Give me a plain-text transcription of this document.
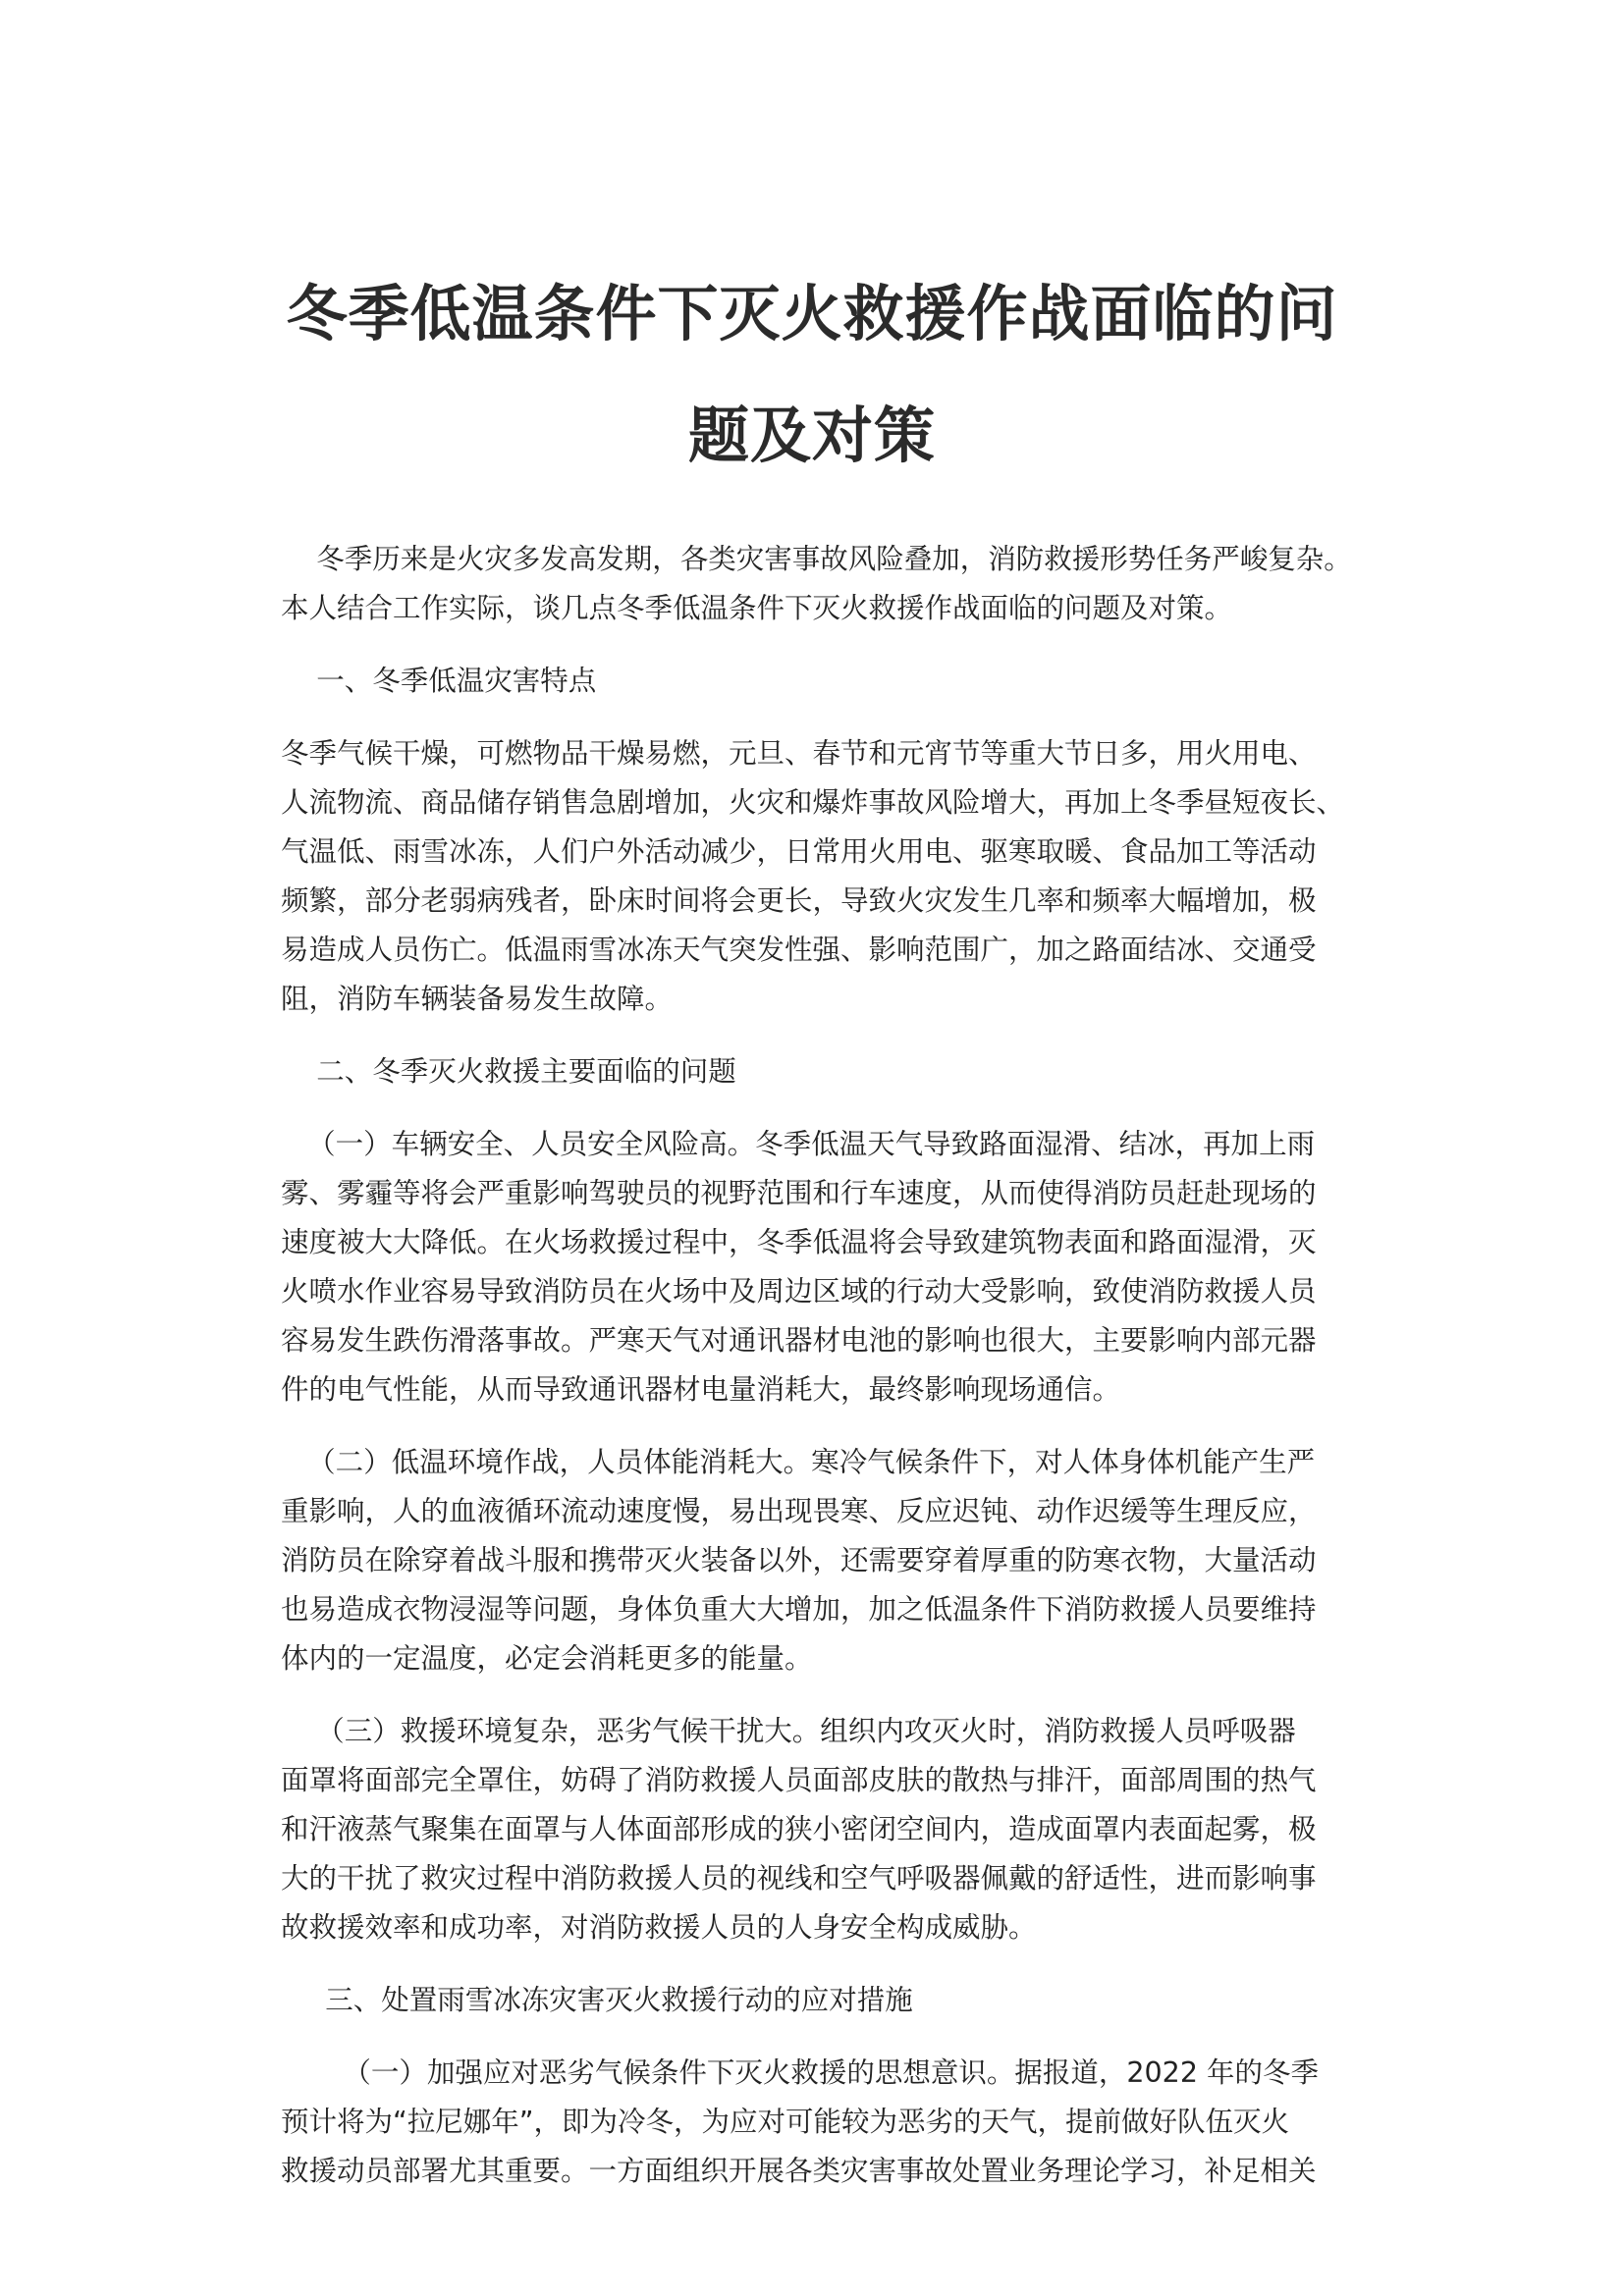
冬季低温条件下灭火救援作战面临的问
题及对策

冬季历来是火灾多发高发期，各类灾害事故风险叠加，消防救援形势任务严峻复杂。
本人结合工作实际，谈几点冬季低温条件下灭火救援作战面临的问题及对策。

一、冬季低温灾害特点

冬季气候干燥，可燃物品干燥易燃，元旦、春节和元宵节等重大节日多，用火用电、
人流物流、商品储存销售急剧增加，火灾和爆炸事故风险增大，再加上冬季昼短夜长、
气温低、雨雪冰冻，人们户外活动减少，日常用火用电、驱寒取暖、食品加工等活动
频繁，部分老弱病残者，卧床时间将会更长，导致火灾发生几率和频率大幅增加，极
易造成人员伤亡。低温雨雪冰冻天气突发性强、影响范围广，加之路面结冰、交通受
阻，消防车辆装备易发生故障。

二、冬季灭火救援主要面临的问题

（一）车辆安全、人员安全风险高。冬季低温天气导致路面湿滑、结冰，再加上雨
雾、雾霾等将会严重影响驾驶员的视野范围和行车速度，从而使得消防员赶赴现场的
速度被大大降低。在火场救援过程中，冬季低温将会导致建筑物表面和路面湿滑，灭
火喷水作业容易导致消防员在火场中及周边区域的行动大受影响，致使消防救援人员
容易发生跌伤滑落事故。严寒天气对通讯器材电池的影响也很大，主要影响内部元器
件的电气性能，从而导致通讯器材电量消耗大，最终影响现场通信。

（二）低温环境作战，人员体能消耗大。寒冷气候条件下，对人体身体机能产生严
重影响，人的血液循环流动速度慢，易出现畏寒、反应迟钝、动作迟缓等生理反应，
消防员在除穿着战斗服和携带灭火装备以外，还需要穿着厚重的防寒衣物，大量活动
也易造成衣物浸湿等问题，身体负重大大增加，加之低温条件下消防救援人员要维持
体内的一定温度，必定会消耗更多的能量。

（三）救援环境复杂，恶劣气候干扰大。组织内攻灭火时，消防救援人员呼吸器
面罩将面部完全罩住，妨碍了消防救援人员面部皮肤的散热与排汗，面部周围的热气
和汗液蒸气聚集在面罩与人体面部形成的狭小密闭空间内，造成面罩内表面起雾，极
大的干扰了救灾过程中消防救援人员的视线和空气呼吸器佩戴的舒适性，进而影响事
故救援效率和成功率，对消防救援人员的人身安全构成威胁。

三、处置雨雪冰冻灾害灭火救援行动的应对措施

（一）加强应对恶劣气候条件下灭火救援的思想意识。据报道，2022 年的冬季
预计将为“拉尼娜年”，即为冷冬，为应对可能较为恶劣的天气，提前做好队伍灭火
救援动员部署尤其重要。一方面组织开展各类灾害事故处置业务理论学习，补足相关
